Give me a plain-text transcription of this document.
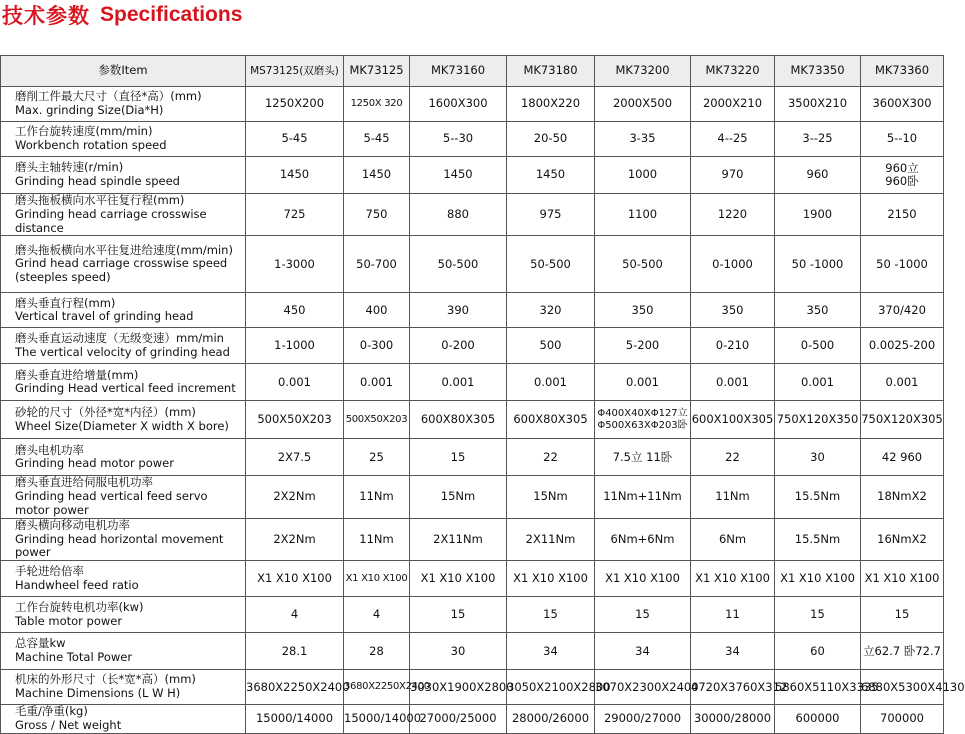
技术参数 Specifications
参数Item	MS73125(双磨头)	MK73125	MK73160	MK73180	MK73200	MK73220	MK73350	MK73360

磨削工件最大尺寸（直径*高）(mm)
Max. grinding Size(Dia*H)	1250X200	1250X 320	1600X300	1800X220	2000X500	2000X210	3500X210	3600X300

工作台旋转速度(mm/min)
Workbench rotation speed	5-45	5-45	5--30	20-50	3-35	4--25	3--25	5--10

磨头主轴转速(r/min)
Grinding head spindle speed	1450	1450	1450	1450	1000	970	960	960立
960卧

磨头拖板横向水平往复行程(mm)
Grinding head carriage crosswise distance	725	750	880	975	1100	1220	1900	2150

磨头拖板横向水平往复进给速度(mm/min)
Grind head carriage crosswise speed (steeples speed)	1-3000	50-700	50-500	50-500	50-500	0-1000	50 -1000	50 -1000

磨头垂直行程(mm)
Vertical travel of grinding head	450	400	390	320	350	350	350	370/420

磨头垂直运动速度（无级变速）mm/min
The vertical velocity of grinding head	1-1000	0-300	0-200	500	5-200	0-210	0-500	0.0025-200

磨头垂直进给增量(mm)
Grinding Head vertical feed increment	0.001	0.001	0.001	0.001	0.001	0.001	0.001	0.001

砂轮的尺寸（外径*宽*内径）(mm)
Wheel Size(Diameter X width X bore)	500X50X203	500X50X203	600X80X305	600X80X305	Φ400X40XΦ127立
Φ500X63XΦ203卧	600X100X305	750X120X350	750X120X305

磨头电机功率
Grinding head motor power	2X7.5	25	15	22	7.5立 11卧	22	30	42 960

磨头垂直进给伺服电机功率
Grinding head vertical feed servo motor power	2X2Nm	11Nm	15Nm	15Nm	11Nm+11Nm	11Nm	15.5Nm	18NmX2

磨头横向移动电机功率
Grinding head horizontal movement power	2X2Nm	11Nm	2X11Nm	2X11Nm	6Nm+6Nm	6Nm	15.5Nm	16NmX2

手轮进给倍率
Handwheel feed ratio	X1 X10 X100	X1 X10 X100	X1 X10 X100	X1 X10 X100	X1 X10 X100	X1 X10 X100	X1 X10 X100	X1 X10 X100

工作台旋转电机功率(kw)
Table motor power	4	4	15	15	15	11	15	15

总容量kw
Machine Total Power	28.1	28	30	34	34	34	60	立62.7 卧72.7

机床的外形尺寸（长*宽*高）(mm)
Machine Dimensions (L W H)	3680X2250X2400	3680X2250X2400	3030X1900X2800	3050X2100X2800	3070X2300X2400	4720X3760X312	5860X5110X3335	6880X5300X4130

毛重/净重(kg)
Gross / Net weight	15000/14000	15000/14000	27000/25000	28000/26000	29000/27000	30000/28000	600000	700000
